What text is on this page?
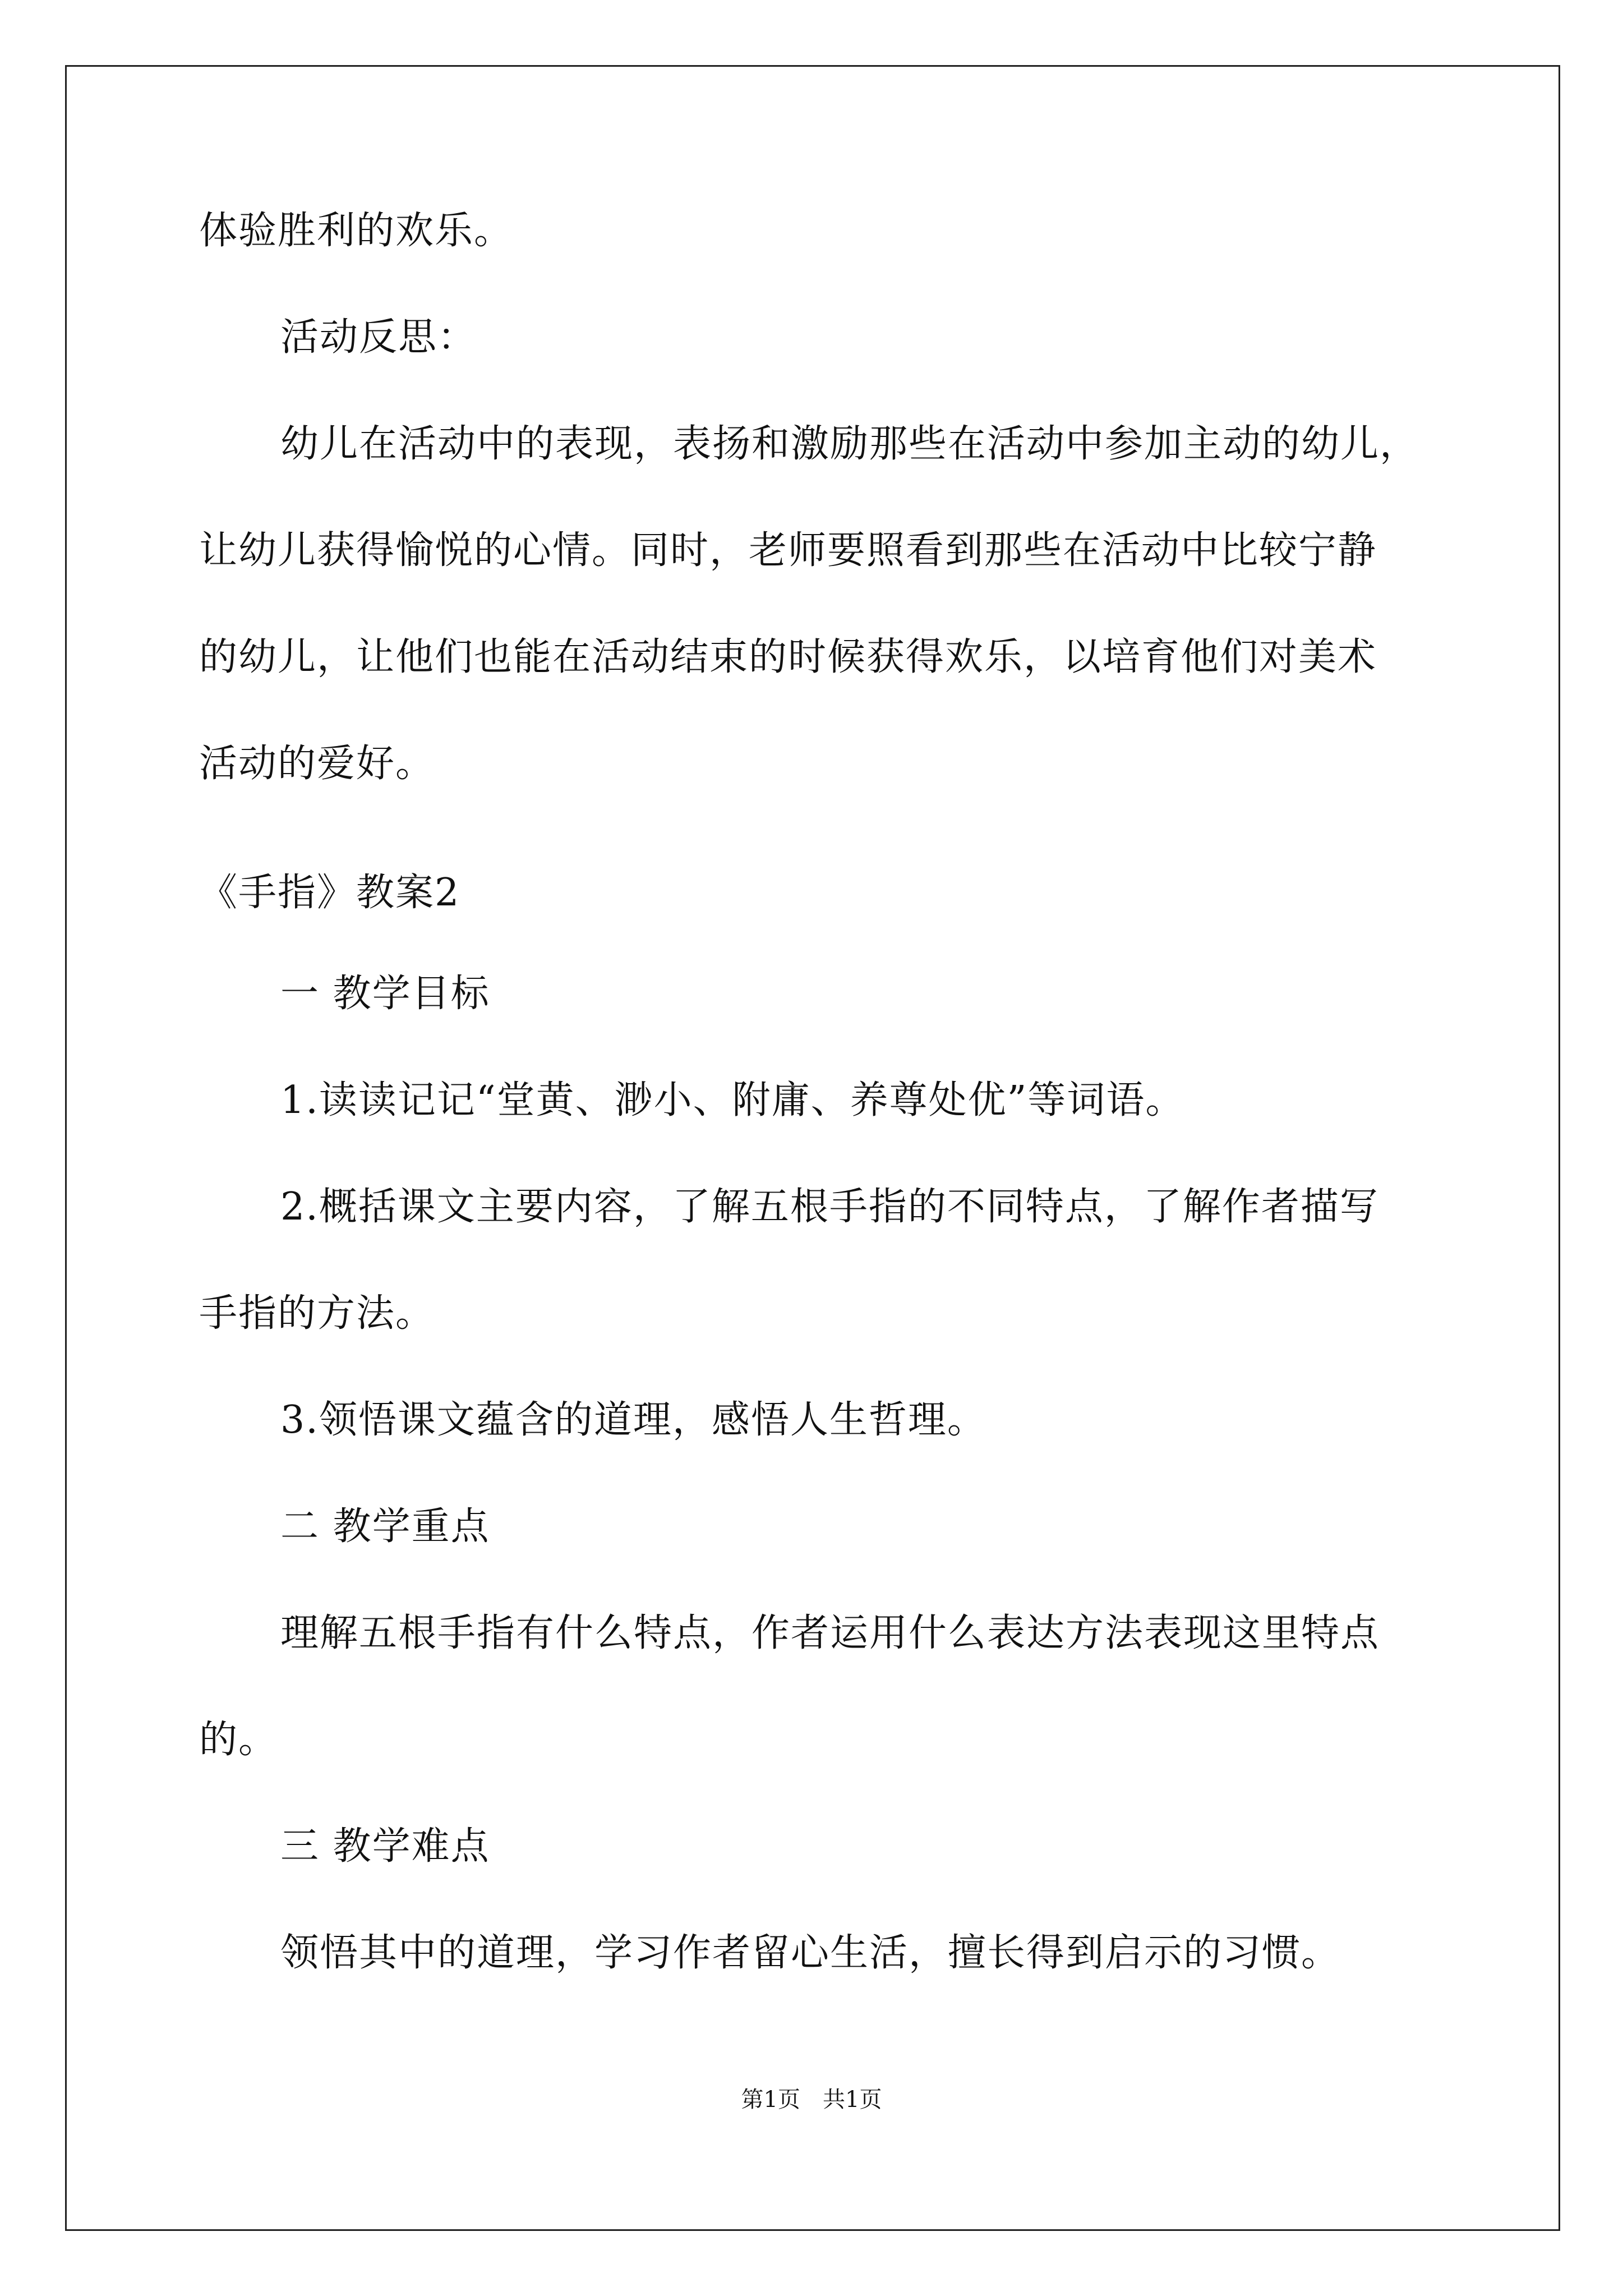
体验胜利的欢乐。
活动反思：
幼儿在活动中的表现，表扬和激励那些在活动中参加主动的幼儿，
让幼儿获得愉悦的心情。同时，老师要照看到那些在活动中比较宁静
的幼儿，让他们也能在活动结束的时候获得欢乐，以培育他们对美术
活动的爱好。
《手指》教案2
一 教学目标
1.读读记记“堂黄、渺小、附庸、养尊处优”等词语。
2.概括课文主要内容，了解五根手指的不同特点，了解作者描写
手指的方法。
3.领悟课文蕴含的道理，感悟人生哲理。
二 教学重点
理解五根手指有什么特点，作者运用什么表达方法表现这里特点
的。
三 教学难点
领悟其中的道理，学习作者留心生活，擅长得到启示的习惯。
第1页 共1页
